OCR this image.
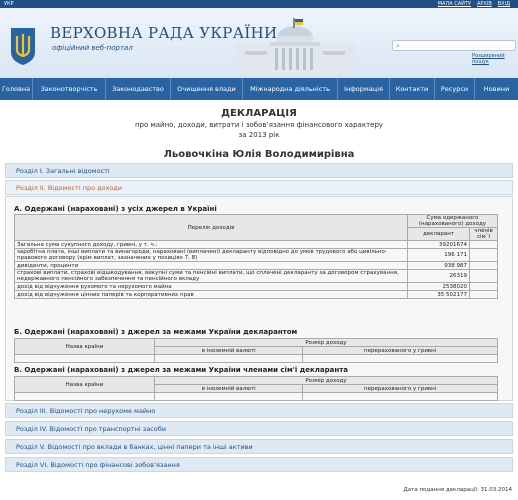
УКР	МАПА САЙТУ АРХІВ ВХІД
ВЕРХОВНА РАДА УКРАЇНИ
офіційний веб-портал	⌕
Розширений пошук
Головна	Законотворчість	Законодавство	Очищення влади	Міжнародна діяльність	Інформація	Контакти	Ресурси	Новини
ДЕКЛАРАЦІЯ
про майно, доходи, витрати і зобов’язання фінансового характеру
за 2013 рік
Льовочкіна Юлія Володимирівна
Розділ І. Загальні відомості
Розділ ІІ. Відомості про доходи
А. Одержані (нараховані) з усіх джерел в Україні
Перелік доходів	Сума одержаного (нарахованого) доходу	
	декларант	членів сім`ї
Загальна сума сукупного доходу, гривні, у т. ч.:	39201674	
заробітна плата, інші виплати та винагороди, нараховані (виплачені) декларанту відповідно до умов трудового або цивільно-правового договору (крім виплат, зазначених у позиціях 7, 8)	196 171	
дивіденти, проценти	938 987	
страхові виплати, страхові відшкодування, викупні суми та пенсійні виплати, що сплачені декларанту за договором страхування, недержавного пенсійного забезпечення та пенсійного вкладу	26319	
дохід від відчуження рухомого та нерухомого майна	2538020	
дохід від відчуження цінних паперів та корпоративних прав	35 502177	
Б. Одержані (нараховані) з джерел за межами України декларантом
Назва країни	Розмір доходу	
	в іноземній валюті	перерахованого у гривні

В. Одержані (нараховані) з джерел за межами України членами сім'ї декларанта
Назва країни	Розмір доходу	
	в іноземній валюті	перерахованого у гривні

Розділ ІІІ. Відомості про нерухоме майно
Розділ IV. Відомості про транспортні засоби
Розділ V. Відомості про вклади в банках, цінні папери та інші активи
Розділ VI. Відомості про фінансові зобов’язання
Дата подання декларації: 31.03.2014
